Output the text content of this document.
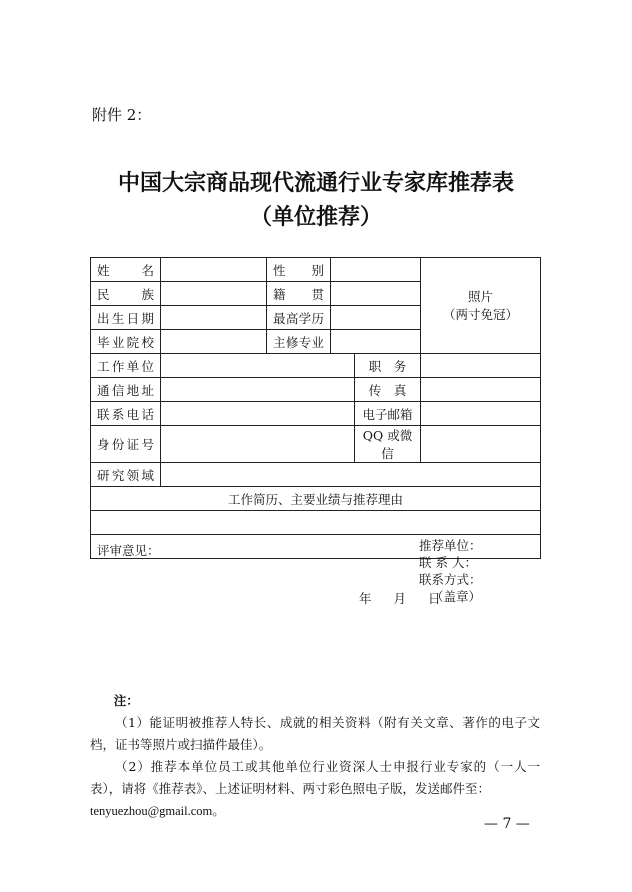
附件 2：
中国大宗商品现代流通行业专家库推荐表
（单位推荐）
姓　名		性　别			照片
（两寸免冠）

民　族		籍　贯			
出生日期		最高学历			
毕业院校		主修专业			
工作单位				职　务	
通信地址				传　真	
联系电话				电子邮箱	
身份证号				QQ 或微信	
研究领域					
工作简历、主要业绩与推荐理由					

推荐单位：
联 系 人：
联系方式：
（盖章）					

评审意见：
年 月 日					

注：

（1）能证明被推荐人特长、成就的相关资料（附有关文章、著作的电子文档，证书等照片或扫描件最佳）。

（2）推荐本单位员工或其他单位行业资深人士申报行业专家的（一人一表），请将《推荐表》、上述证明材料、两寸彩色照电子版，发送邮件至：

tenyuezhou@gmail.com。

— 7 —
